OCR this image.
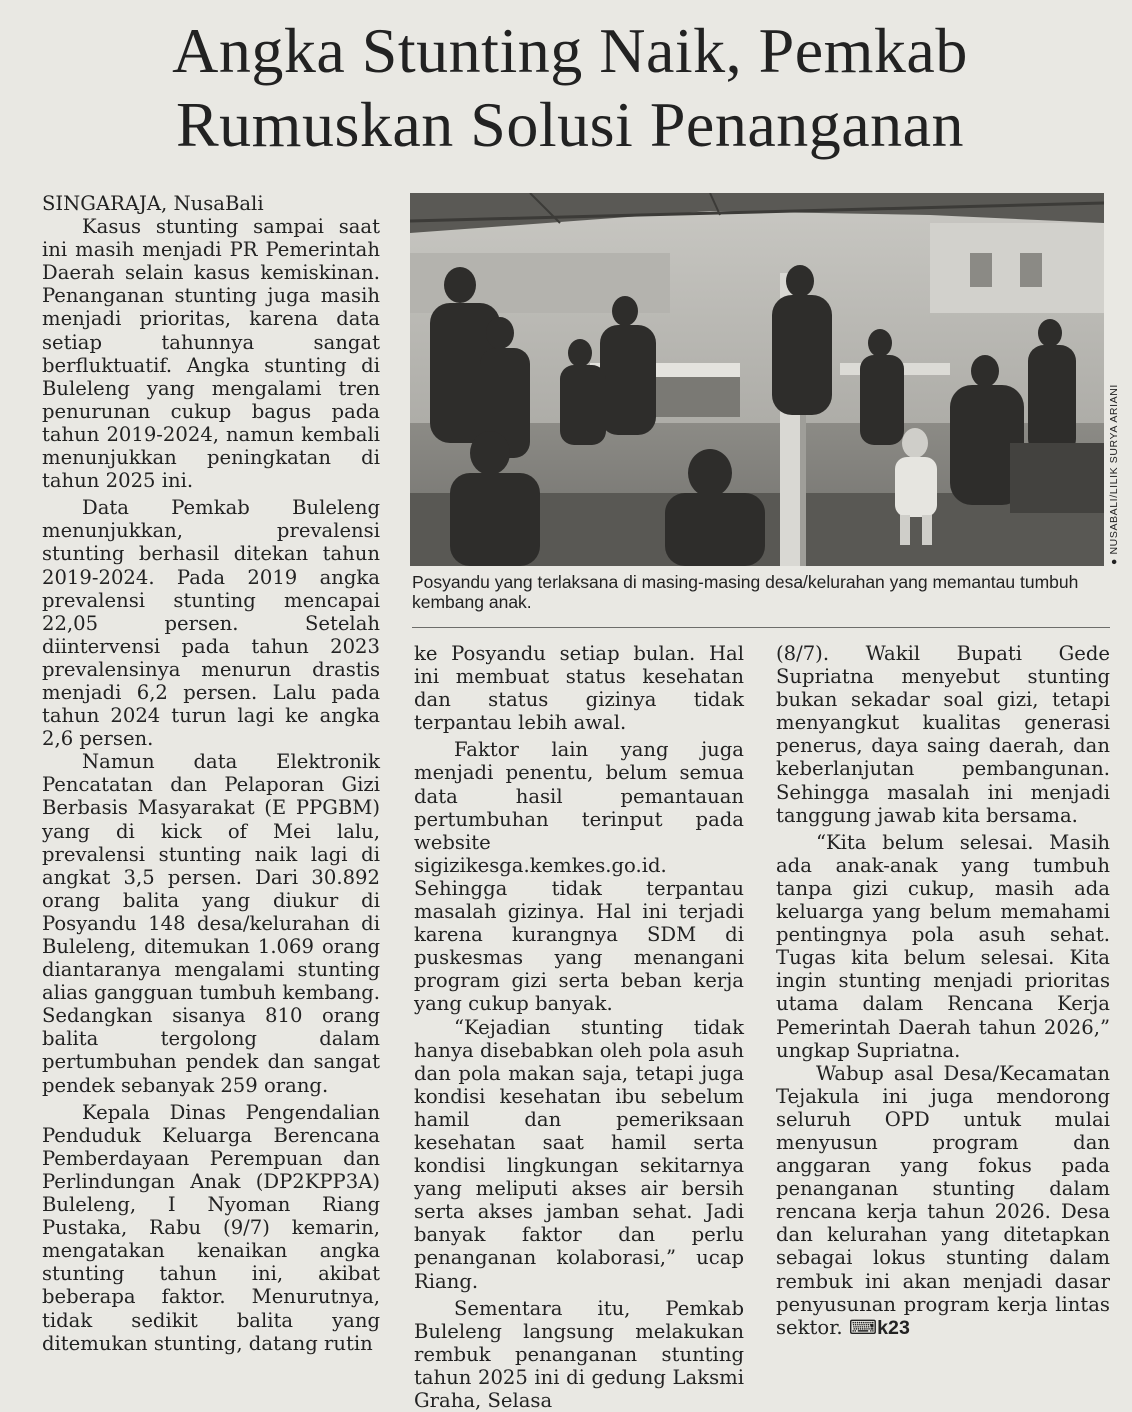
Angka Stunting Naik, Pemkab
Rumuskan Solusi Penanganan

SINGARAJA, NusaBali

Kasus stunting sampai saat ini masih menjadi PR Pemerintah Daerah selain kasus kemiskinan. Penanganan stunting juga masih menjadi prioritas, karena data setiap tahunnya sangat berfluktuatif. Angka stunting di Buleleng yang mengalami tren penurunan cukup bagus pada tahun 2019-2024, namun kembali menunjukkan peningkatan di tahun 2025 ini.

Data Pemkab Buleleng menunjukkan, prevalensi stunting berhasil ditekan tahun 2019-2024. Pada 2019 angka prevalensi stunting mencapai 22,05 persen. Setelah diintervensi pada tahun 2023 prevalensinya menurun drastis menjadi 6,2 persen. Lalu pada tahun 2024 turun lagi ke angka 2,6 persen.

Namun data Elektronik Pencatatan dan Pelaporan Gizi Berbasis Masyarakat (E PPGBM) yang di kick of Mei lalu, prevalensi stunting naik lagi di angkat 3,5 persen. Dari 30.892 orang balita yang diukur di Posyandu 148 desa/kelurahan di Buleleng, ditemukan 1.069 orang diantaranya mengalami stunting alias gangguan tumbuh kembang. Sedangkan sisanya 810 orang balita tergolong dalam pertumbuhan pendek dan sangat pendek sebanyak 259 orang.

Kepala Dinas Pengendalian Penduduk Keluarga Berencana Pemberdayaan Perempuan dan Perlindungan Anak (DP2KPP3A) Buleleng, I Nyoman Riang Pustaka, Rabu (9/7) kemarin, mengatakan kenaikan angka stunting tahun ini, akibat beberapa faktor. Menurutnya, tidak sedikit balita yang ditemukan stunting, datang rutin

● NUSABALI/LILIK SURYA ARIANI
Posyandu yang terlaksana di masing-masing desa/kelurahan yang memantau tumbuh kembang anak.

ke Posyandu setiap bulan. Hal ini membuat status kesehatan dan status gizinya tidak terpantau lebih awal.

Faktor lain yang juga menjadi penentu, belum semua data hasil pemantauan pertumbuhan terinput pada website sigizikesga.kemkes.go.id. Sehingga tidak terpantau masalah gizinya. Hal ini terjadi karena kurangnya SDM di puskesmas yang menangani program gizi serta beban kerja yang cukup banyak.

“Kejadian stunting tidak hanya disebabkan oleh pola asuh dan pola makan saja, tetapi juga kondisi kesehatan ibu sebelum hamil dan pemeriksaan kesehatan saat hamil serta kondisi lingkungan sekitarnya yang meliputi akses air bersih serta akses jamban sehat. Jadi banyak faktor dan perlu penanganan kolaborasi,” ucap Riang.

Sementara itu, Pemkab Buleleng langsung melakukan rembuk penanganan stunting tahun 2025 ini di gedung Laksmi Graha, Selasa

(8/7). Wakil Bupati Gede Supriatna menyebut stunting bukan sekadar soal gizi, tetapi menyangkut kualitas generasi penerus, daya saing daerah, dan keberlanjutan pembangunan. Sehingga masalah ini menjadi tanggung jawab kita bersama.

“Kita belum selesai. Masih ada anak-anak yang tumbuh tanpa gizi cukup, masih ada keluarga yang belum memahami pentingnya pola asuh sehat. Tugas kita belum selesai. Kita ingin stunting menjadi prioritas utama dalam Rencana Kerja Pemerintah Daerah tahun 2026,” ungkap Supriatna.

Wabup asal Desa/Kecamatan Tejakula ini juga mendorong seluruh OPD untuk mulai menyusun program dan anggaran yang fokus pada penanganan stunting dalam rencana kerja tahun 2026. Desa dan kelurahan yang ditetapkan sebagai lokus stunting dalam rembuk ini akan menjadi dasar penyusunan program kerja lintas sektor. ⌨k23
